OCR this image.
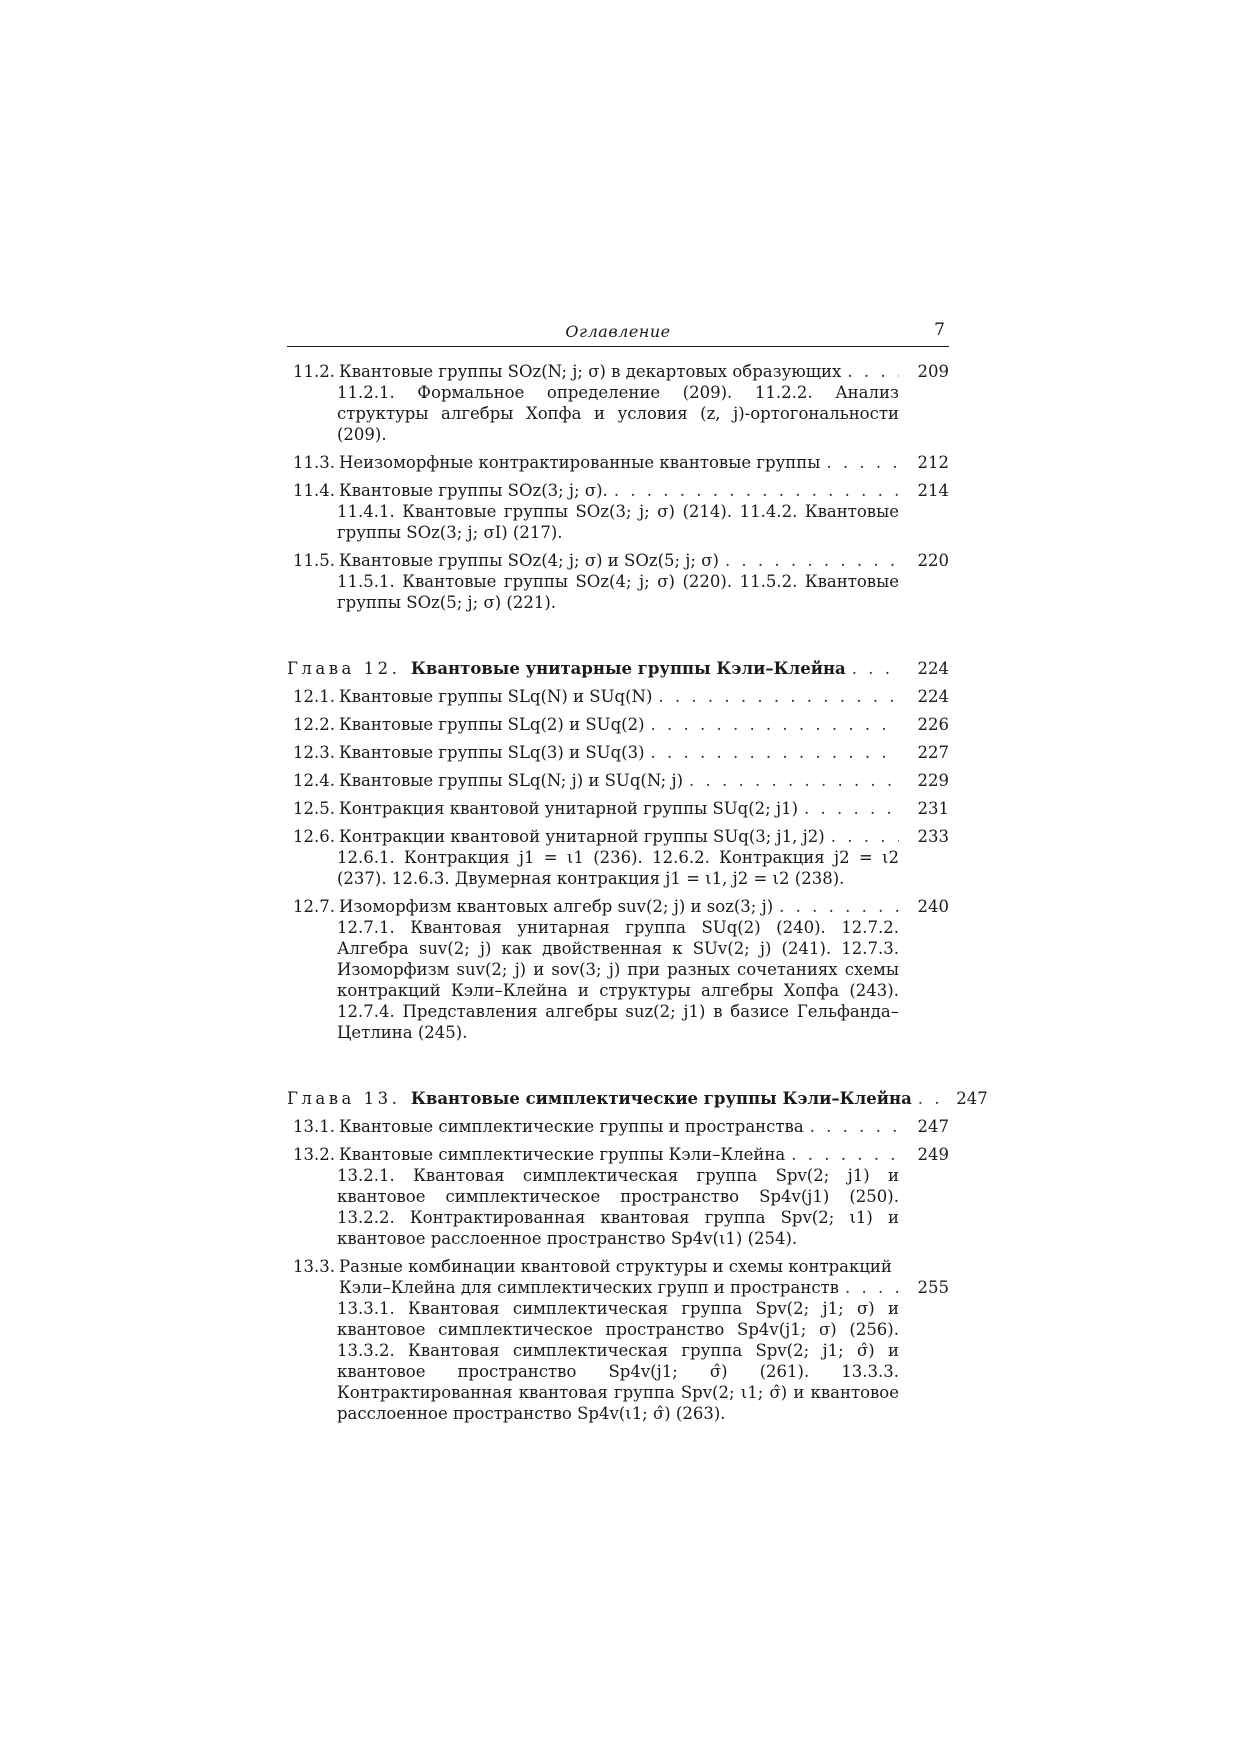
Оглавление	7
11.2. Квантовые группы SOz(N; j; σ) в декартовых образующих . . .	209
11.2.1. Формальное определение (209). 11.2.2. Анализ структуры алгебры Хопфа и условия (z, j)-ортогональности (209).
11.3. Неизоморфные контрактированные квантовые группы . . .	212
11.4. Квантовые группы SOz(3; j; σ). . . .	214
11.4.1. Квантовые группы SOz(3; j; σ) (214). 11.4.2. Квантовые группы SOz(3; j; σI) (217).
11.5. Квантовые группы SOz(4; j; σ) и SOz(5; j; σ) . . .	220
11.5.1. Квантовые группы SOz(4; j; σ) (220). 11.5.2. Квантовые группы SOz(5; j; σ) (221).
Глава 12. Квантовые унитарные группы Кэли–Клейна . . .	224
12.1. Квантовые группы SLq(N) и SUq(N) . . .	224
12.2. Квантовые группы SLq(2) и SUq(2) . . .	226
12.3. Квантовые группы SLq(3) и SUq(3) . . .	227
12.4. Квантовые группы SLq(N; j) и SUq(N; j) . . .	229
12.5. Контракция квантовой унитарной группы SUq(2; j1) . . .	231
12.6. Контракции квантовой унитарной группы SUq(3; j1, j2) . . .	233
12.6.1. Контракция j1 = ι1 (236). 12.6.2. Контракция j2 = ι2 (237). 12.6.3. Двумерная контракция j1 = ι1, j2 = ι2 (238).
12.7. Изоморфизм квантовых алгебр suv(2; j) и soz(3; j) . . .	240
12.7.1. Квантовая унитарная группа SUq(2) (240). 12.7.2. Алгебра suv(2; j) как двойственная к SUv(2; j) (241). 12.7.3. Изоморфизм suv(2; j) и sov(3; j) при разных сочетаниях схемы контракций Кэли–Клейна и структуры алгебры Хопфа (243). 12.7.4. Представления алгебры suz(2; j1) в базисе Гельфанда–Цетлина (245).
Глава 13. Квантовые симплектические группы Кэли–Клейна . . .	247
13.1. Квантовые симплектические группы и пространства . . .	247
13.2. Квантовые симплектические группы Кэли–Клейна . . .	249
13.2.1. Квантовая симплектическая группа Spv(2; j1) и квантовое симплектическое пространство Sp4v(j1) (250). 13.2.2. Контрактированная квантовая группа Spv(2; ι1) и квантовое расслоенное пространство Sp4v(ι1) (254).
13.3. Разные комбинации квантовой структуры и схемы контракций
Кэли–Клейна для симплектических групп и пространств . . .	255
13.3.1. Квантовая симплектическая группа Spv(2; j1; σ) и квантовое симплектическое пространство Sp4v(j1; σ) (256). 13.3.2. Квантовая симплектическая группа Spv(2; j1; σ̂) и квантовое пространство Sp4v(j1; σ̂) (261). 13.3.3. Контрактированная квантовая группа Spv(2; ι1; σ̂) и квантовое расслоенное пространство Sp4v(ι1; σ̂) (263).
